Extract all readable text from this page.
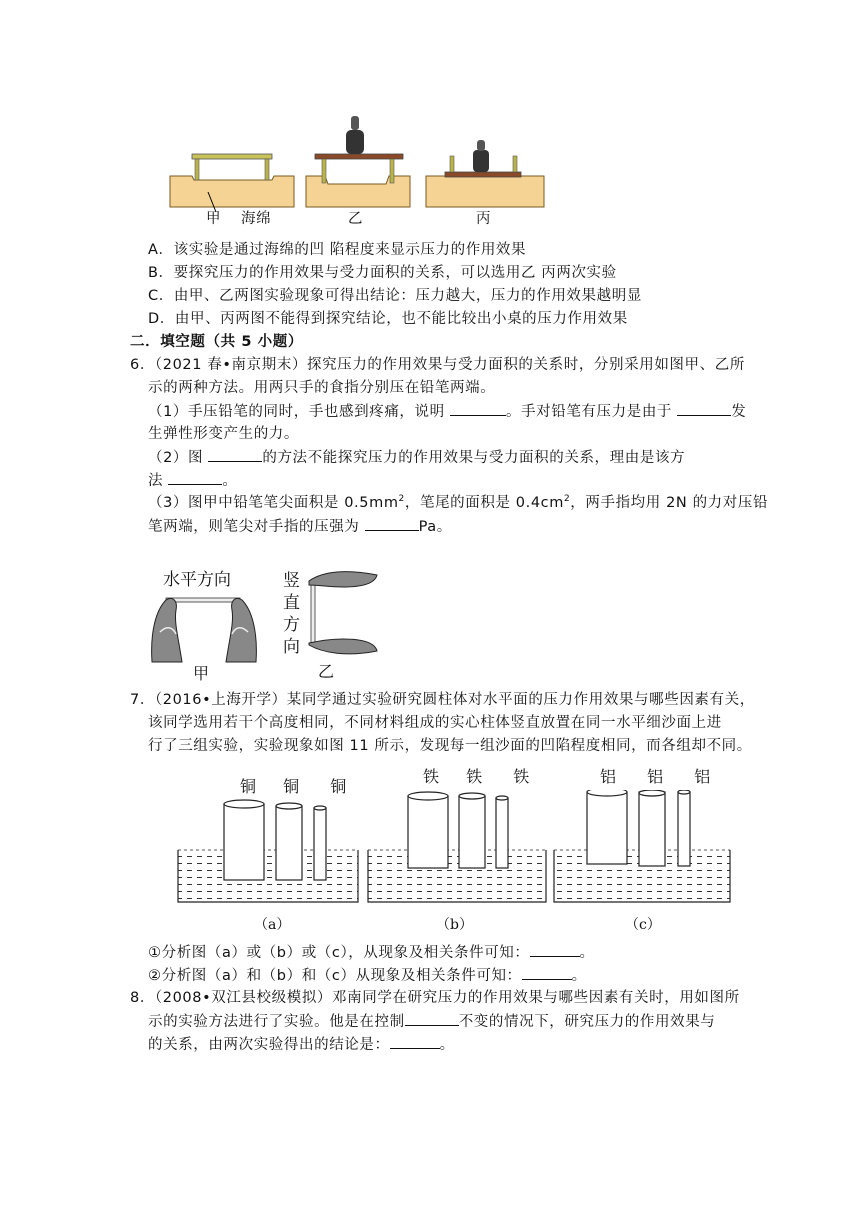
甲 海绵	乙	丙
A．该实验是通过海绵的凹 陷程度来显示压力的作用效果
B．要探究压力的作用效果与受力面积的关系，可以选用乙 丙两次实验
C．由甲、乙两图实验现象可得出结论：压力越大，压力的作用效果越明显
D．由甲、丙两图不能得到探究结论，也不能比较出小桌的压力作用效果
二．填空题（共 5 小题）
6．（2021 春•南京期末）探究压力的作用效果与受力面积的关系时，分别采用如图甲、乙所
示的两种方法。用两只手的食指分别压在铅笔两端。
（1）手压铅笔的同时，手也感到疼痛，说明	。手对铅笔有压力是由于	发
生弹性形变产生的力。
（2）图	的方法不能探究压力的作用效果与受力面积的关系，理由是该方
法	。
（3）图甲中铅笔笔尖面积是 $0.5mm^2$，笔尾的面积是 $0.4cm^2$，两手指均用 2N 的力对压铅
笔两端，则笔尖对手指的压强为	Pa。
水平方向
甲
竖
直
方
向
乙
7．（2016•上海开学）某同学通过实验研究圆柱体对水平面的压力作用效果与哪些因素有关，
该同学选用若干个高度相同，不同材料组成的实心柱体竖直放置在同一水平细沙面上进
行了三组实验，实验现象如图 11 所示，发现每一组沙面的凹陷程度相同，而各组却不同。
铜 铜 铜
铁 铁 铁	铝 铝 铝
（a）	（b）	（c）
①分析图（a）或（b）或（c），从现象及相关条件可知：	。
②分析图（a）和（b）和（c）从现象及相关条件可知：	。
8．（2008•双江县校级模拟）邓南同学在研究压力的作用效果与哪些因素有关时，用如图所
示的实验方法进行了实验。他是在控制	不变的情况下，研究压力的作用效果与
的关系，由两次实验得出的结论是：	。
